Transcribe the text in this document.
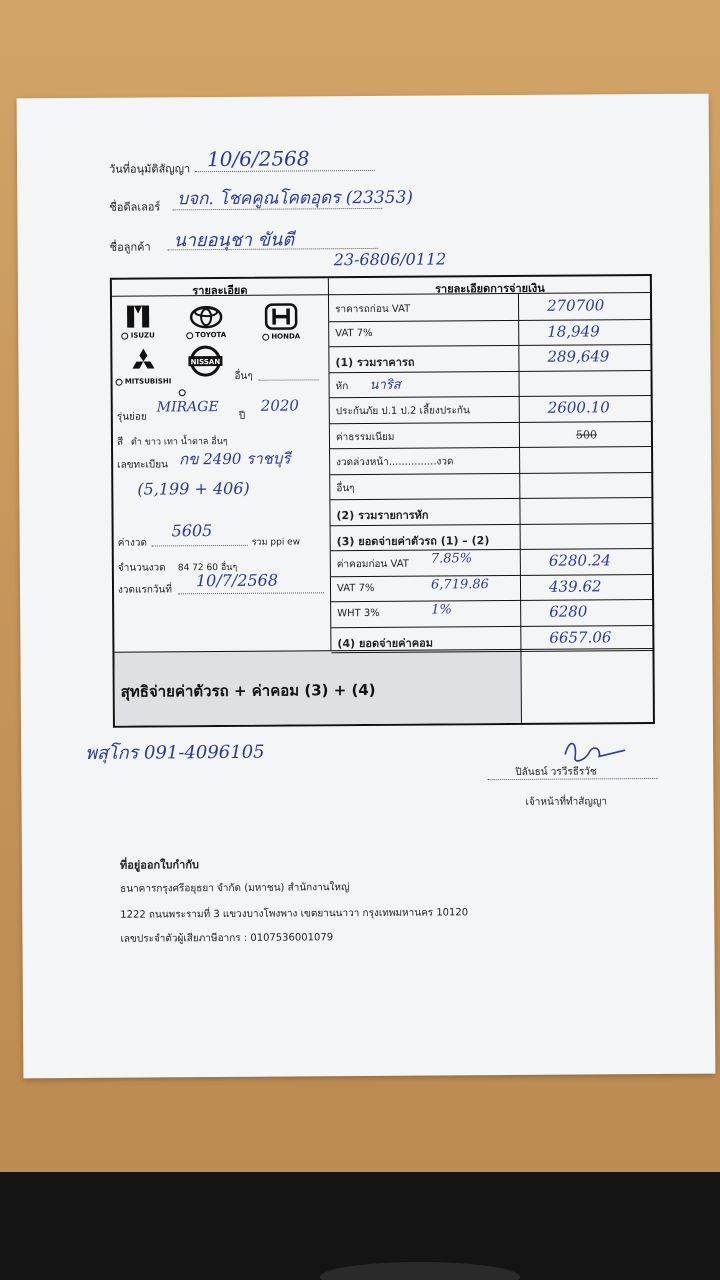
วันที่อนุมัติสัญญา 10/6/2568
ชื่อดีลเลอร์ บจก. โชคคูณโคตอุดร (23353)
ชื่อลูกค้า นายอนุชา ขันตี
23-6806/0112
รายละเอียด	รายละเอียดการจ่ายเงิน
ISUZU	TOYOTA	HONDA
MITSUBISHI
NISSAN
อื่นๆ
รุ่นย่อย
MIRAGE
ปี
2020
สี ดำ ขาว เทา น้ำตาล อื่นๆ
เลขทะเบียน กข 2490 ราชบุรี
(5,199 + 406)
ค่างวด
5605
รวม ppi ew
จำนวนงวด 84 72 60 อื่นๆ
งวดแรกวันที่ 10/7/2568
สุทธิจ่ายค่าตัวรถ + ค่าคอม (3) + (4)
ราคารถก่อน VAT	270700
VAT 7%	18,949
(1) รวมราคารถ	289,649
หัก นาริส
ประกันภัย ป.1 ป.2 เลี้ยงประกัน	2600.10
ค่าธรรมเนียม	500
งวดล่วงหน้า...............งวด
อื่นๆ
(2) รวมรายการหัก
(3) ยอดจ่ายค่าตัวรถ (1) – (2)
ค่าคอมก่อน VAT 7.85%	6280.24
VAT 7%	6,719.86	439.62
WHT 3%	1%	6280
(4) ยอดจ่ายค่าคอม	6657.06
พสุโกร 091-4096105
ปิลันธน์ วรวีรธีรวัช
เจ้าหน้าที่ทำสัญญา
ที่อยู่ออกใบกำกับ
ธนาคารกรุงศรีอยุธยา จำกัด (มหาชน) สำนักงานใหญ่
1222 ถนนพระรามที่ 3 แขวงบางโพงพาง เขตยานนาวา กรุงเทพมหานคร 10120
เลขประจำตัวผู้เสียภาษีอากร : 0107536001079
